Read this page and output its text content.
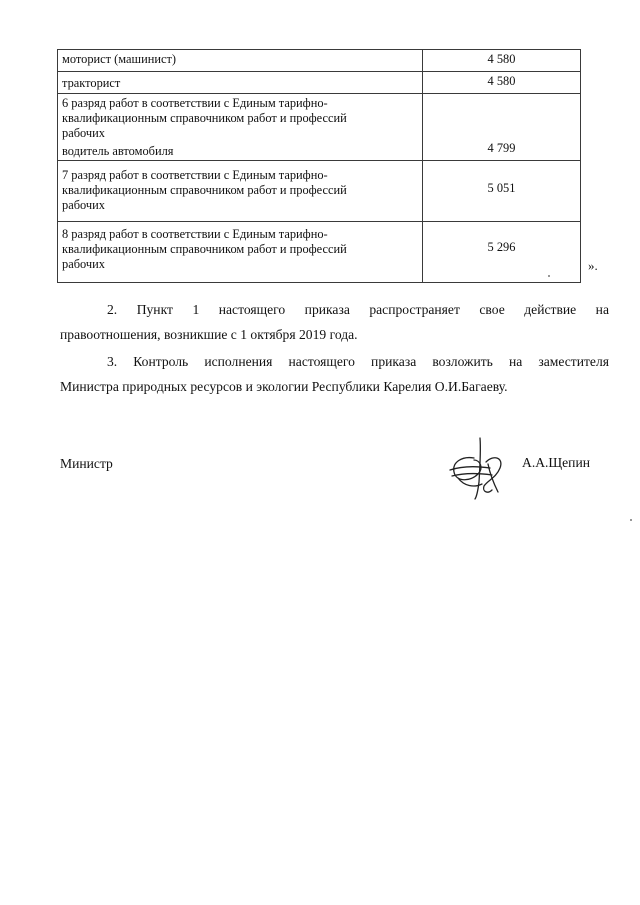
моторист (машинист)	4 580

тракторист	4 580

6 разряд работ в соответствии с Единым тарифно-
квалификационным справочником работ и профессий
рабочих
водитель автомобиля	4 799

7 разряд работ в соответствии с Единым тарифно-
квалификационным справочником работ и профессий
рабочих	5 051

8 разряд работ в соответствии с Единым тарифно-
квалификационным справочником работ и профессий
рабочих	5 296
».

2. Пункт 1 настоящего приказа распространяет свое действие на
правоотношения, возникшие с 1 октября 2019 года.

3. Контроль исполнения настоящего приказа возложить на заместителя
Министра природных ресурсов и экологии Республики Карелия О.И.Багаеву.

Министр	А.А.Щепин
